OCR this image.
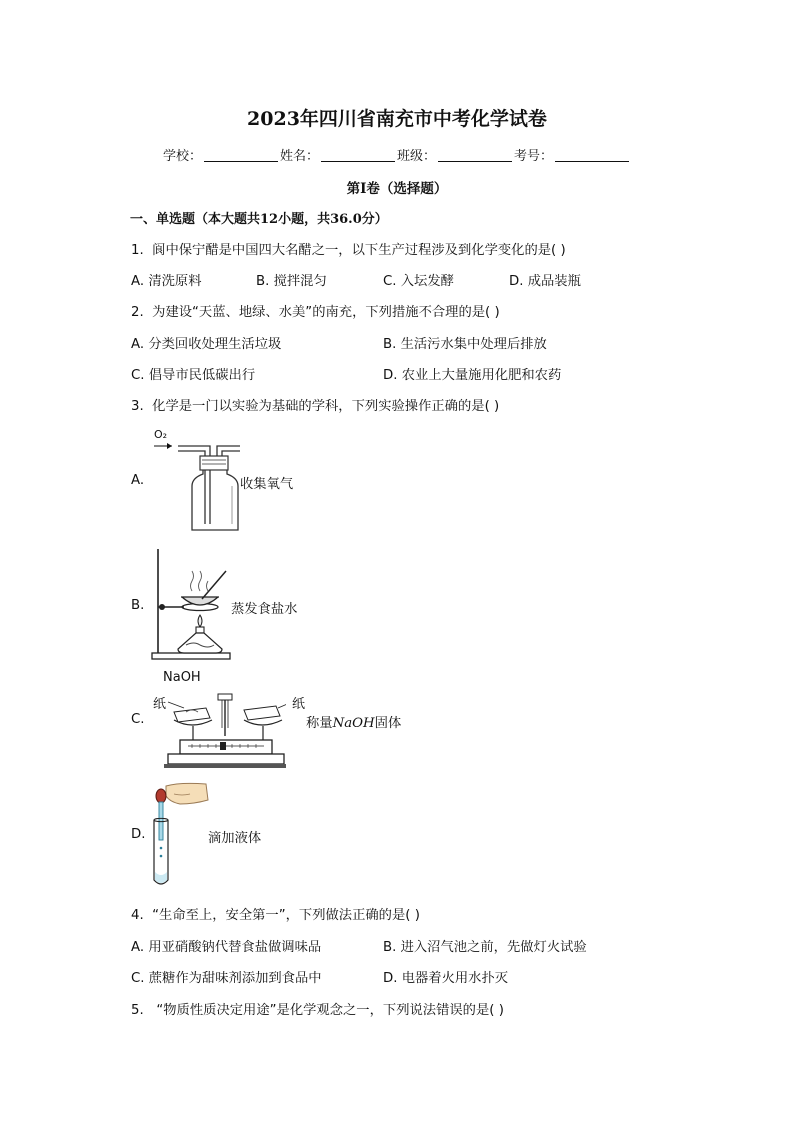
2023年四川省南充市中考化学试卷
学校：	姓名：	班级：	考号：
第I卷（选择题）
一、单选题（本大题共12小题，共36.0分）
1. 阆中保宁醋是中国四大名醋之一，以下生产过程涉及到化学变化的是( )
A. 清洗原料	B. 搅拌混匀	C. 入坛发酵	D. 成品装瓶
2. 为建设“天蓝、地绿、水美”的南充，下列措施不合理的是( )
A. 分类回收处理生活垃圾	B. 生活污水集中处理后排放
C. 倡导市民低碳出行	D. 农业上大量施用化肥和农药
3. 化学是一门以实验为基础的学科，下列实验操作正确的是( )
A.
O₂
收集氧气
B.	蒸发食盐水
NaOH
纸	纸
C.	称量NaOH固体
D.	滴加液体
4. “生命至上，安全第一”，下列做法正确的是( )
A. 用亚硝酸钠代替食盐做调味品	B. 进入沼气池之前，先做灯火试验
C. 蔗糖作为甜味剂添加到食品中	D. 电器着火用水扑灭
5. “物质性质决定用途”是化学观念之一，下列说法错误的是( )
